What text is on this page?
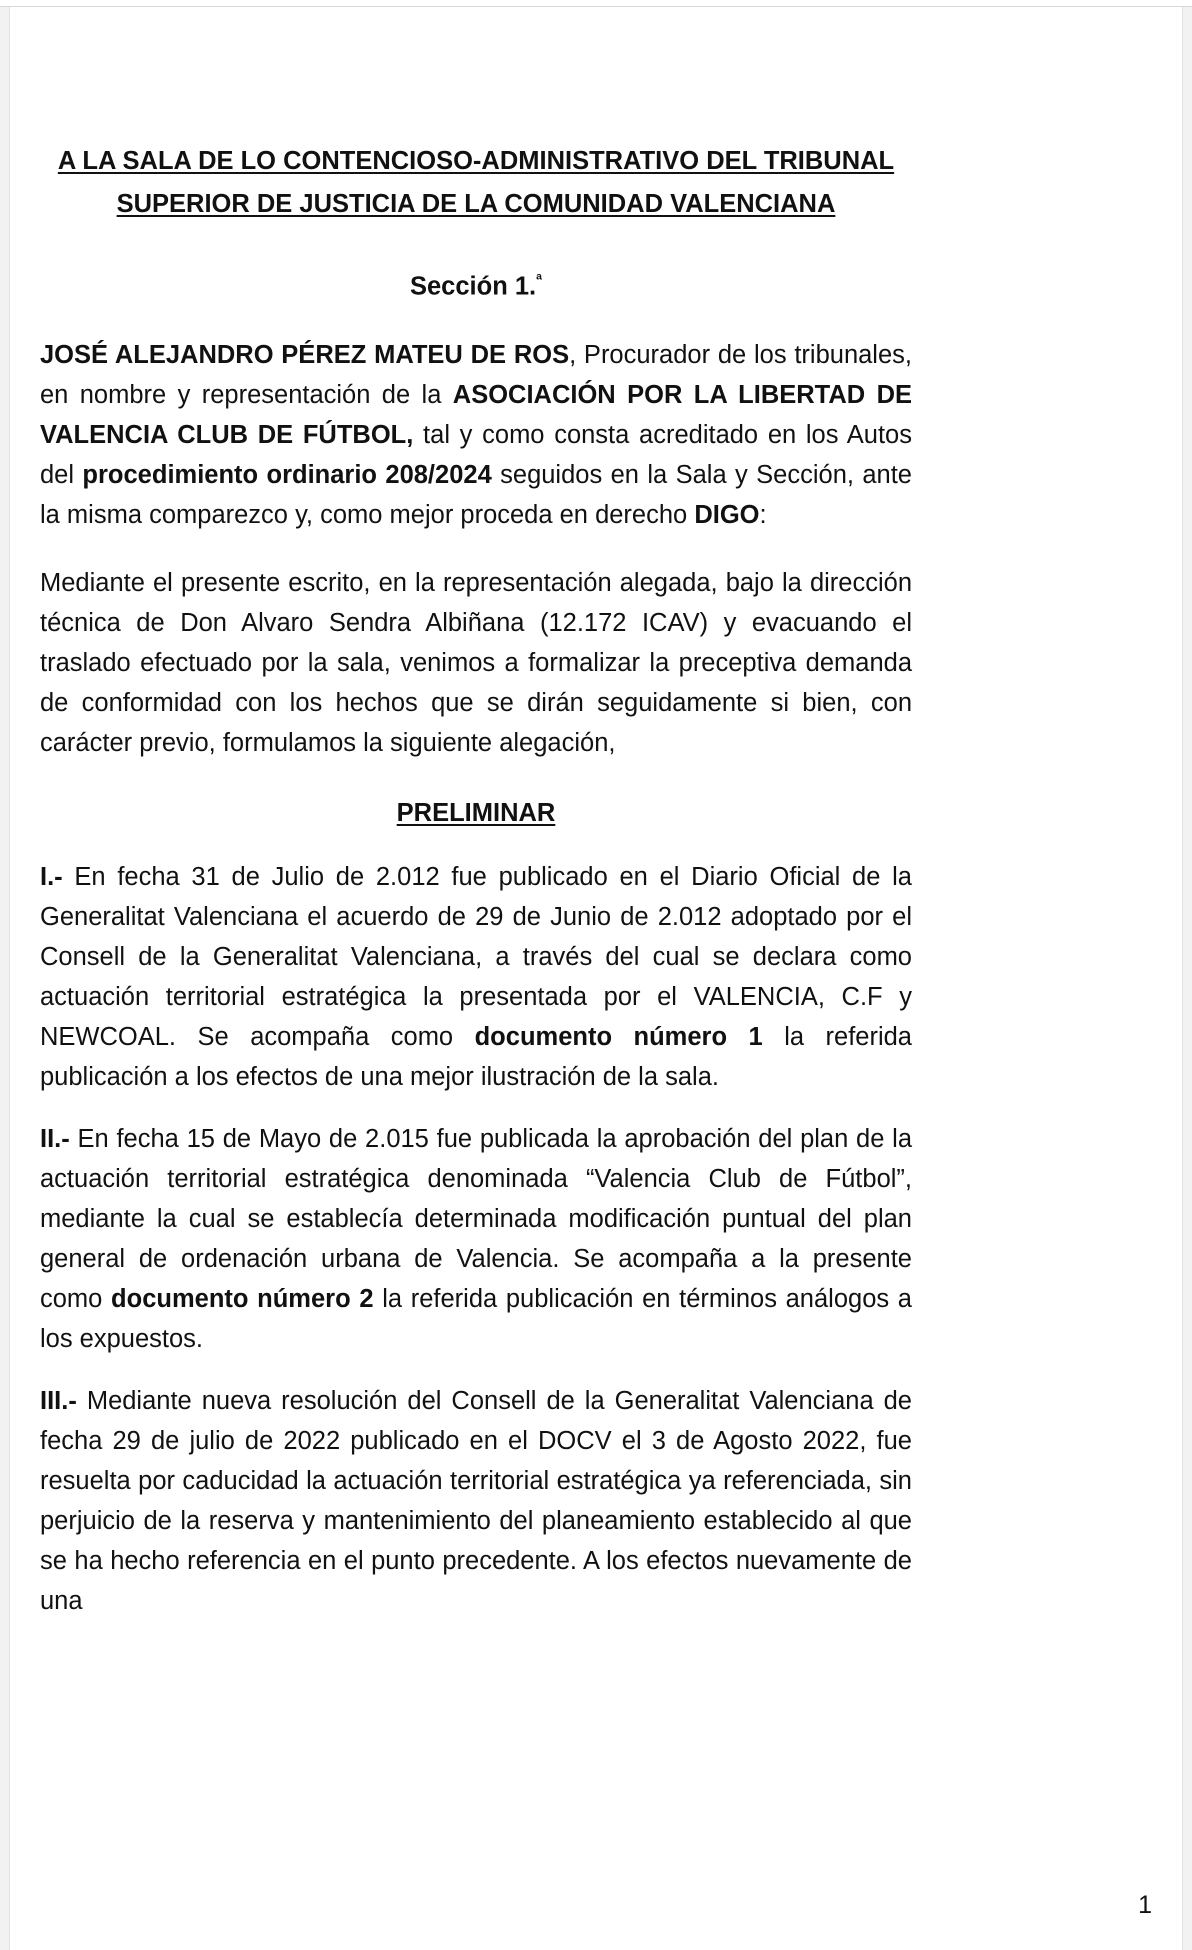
A LA SALA DE LO CONTENCIOSO-ADMINISTRATIVO DEL TRIBUNAL
SUPERIOR DE JUSTICIA DE LA COMUNIDAD VALENCIANA
Sección 1.$^ª$

JOSÉ ALEJANDRO PÉREZ MATEU DE ROS, Procurador de los tribunales, en nombre y representación de la ASOCIACIÓN POR LA LIBERTAD DE VALENCIA CLUB DE FÚTBOL, tal y como consta acreditado en los Autos del procedimiento ordinario 208/2024 seguidos en la Sala y Sección, ante la misma comparezco y, como mejor proceda en derecho DIGO:

Mediante el presente escrito, en la representación alegada, bajo la dirección técnica de Don Alvaro Sendra Albiñana (12.172 ICAV) y evacuando el traslado efectuado por la sala, venimos a formalizar la preceptiva demanda de conformidad con los hechos que se dirán seguidamente si bien, con carácter previo, formulamos la siguiente alegación,

PRELIMINAR

I.- En fecha 31 de Julio de 2.012 fue publicado en el Diario Oficial de la Generalitat Valenciana el acuerdo de 29 de Junio de 2.012 adoptado por el Consell de la Generalitat Valenciana, a través del cual se declara como actuación territorial estratégica la presentada por el VALENCIA, C.F y NEWCOAL. Se acompaña como documento número 1 la referida publicación a los efectos de una mejor ilustración de la sala.

II.- En fecha 15 de Mayo de 2.015 fue publicada la aprobación del plan de la actuación territorial estratégica denominada “Valencia Club de Fútbol”, mediante la cual se establecía determinada modificación puntual del plan general de ordenación urbana de Valencia. Se acompaña a la presente como documento número 2 la referida publicación en términos análogos a los expuestos.

III.- Mediante nueva resolución del Consell de la Generalitat Valenciana de fecha 29 de julio de 2022 publicado en el DOCV el 3 de Agosto 2022, fue resuelta por caducidad la actuación territorial estratégica ya referenciada, sin perjuicio de la reserva y mantenimiento del planeamiento establecido al que se ha hecho referencia en el punto precedente. A los efectos nuevamente de una

1
